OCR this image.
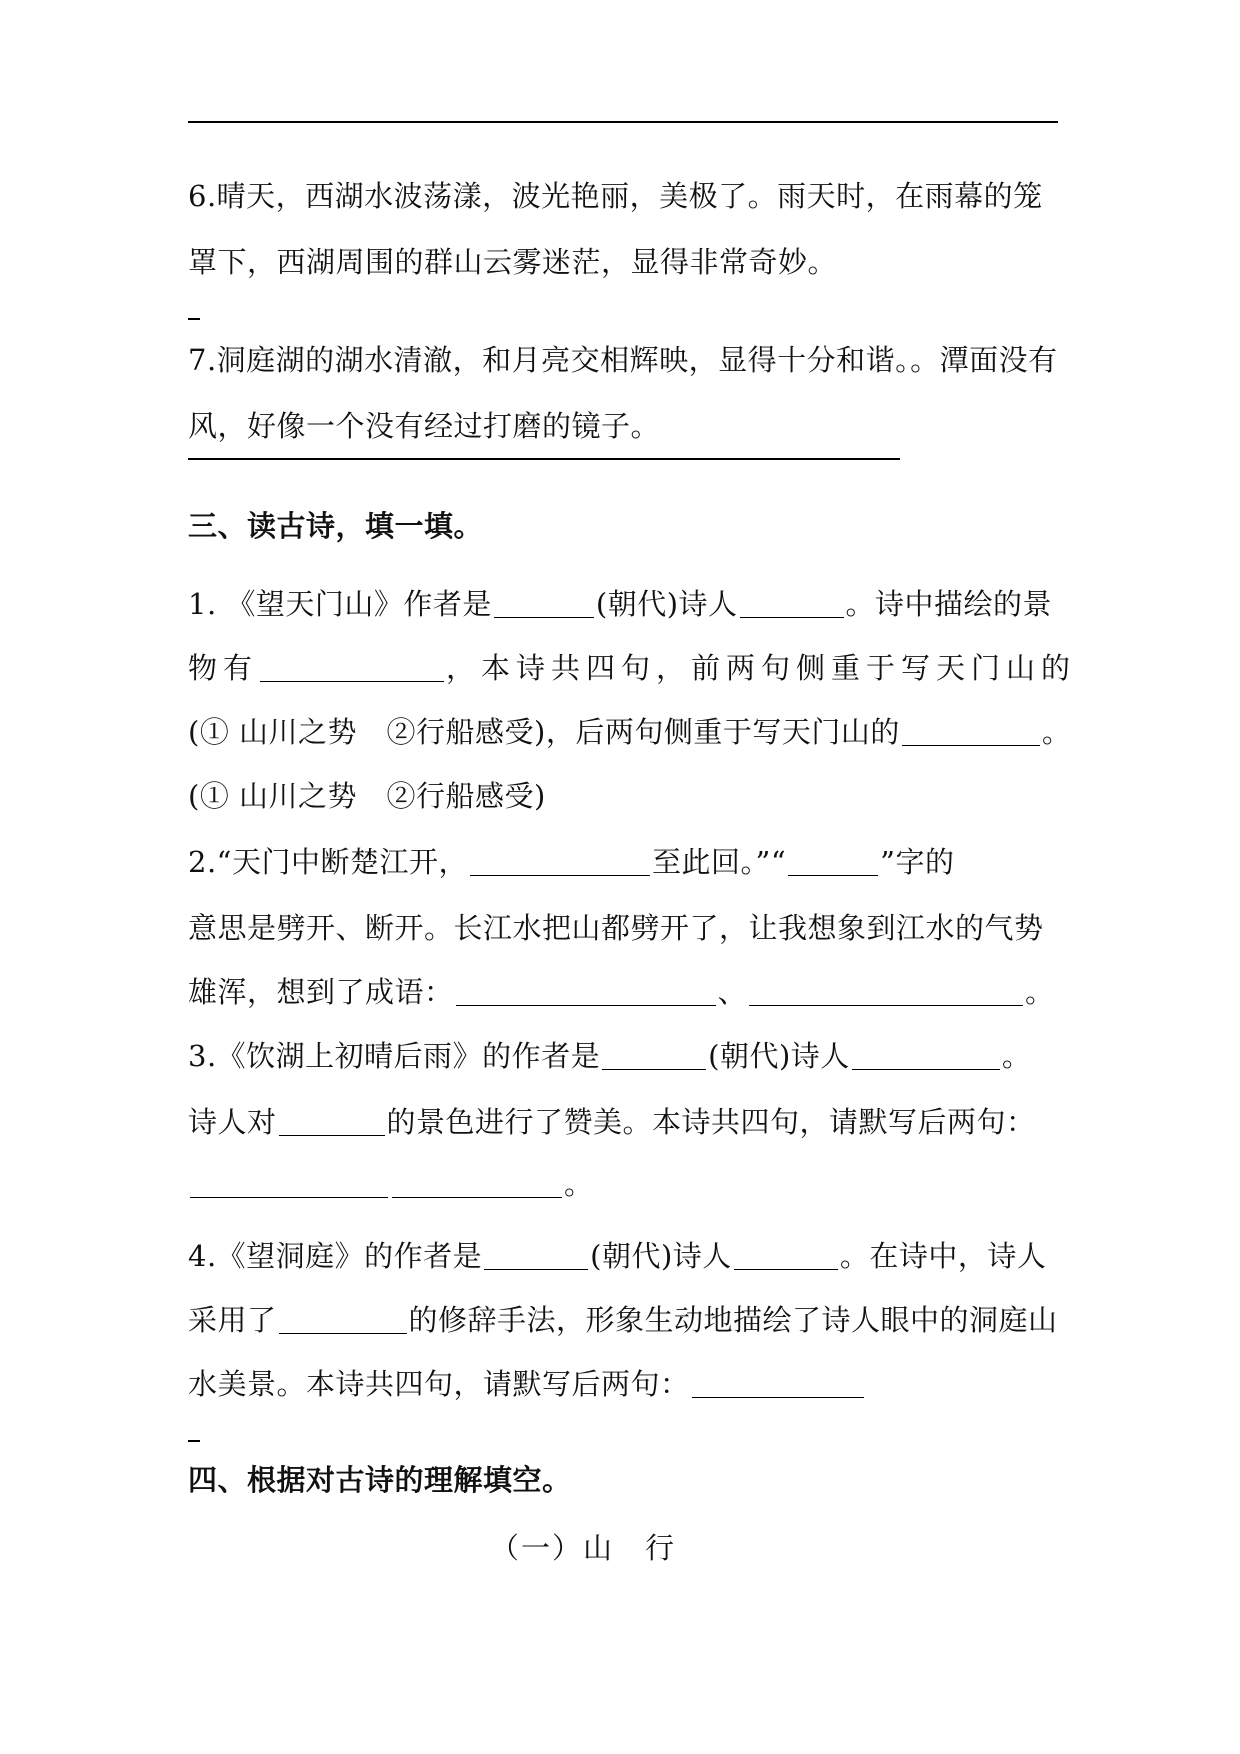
6.晴天，西湖水波荡漾，波光艳丽，美极了。雨天时，在雨幕的笼
罩下，西湖周围的群山云雾迷茫，显得非常奇妙。
7.洞庭湖的湖水清澈，和月亮交相辉映，显得十分和谐。。潭面没有
风，好像一个没有经过打磨的镜子。
三、读古诗，填一填。
1. 《望天门山》作者是	(朝代)诗人	。诗中描绘的景
物有	，本诗共四句，前两句侧重于写天门山的
(① 山川之势　②行船感受)，后两句侧重于写天门山的	。
(① 山川之势　②行船感受)
2.“天门中断楚江开，	至此回。”“	”字的
意思是劈开、断开。长江水把山都劈开了，让我想象到江水的气势
雄浑，想到了成语：	、	。
3.《饮湖上初晴后雨》的作者是	(朝代)诗人	。
诗人对	的景色进行了赞美。本诗共四句，请默写后两句：
。
4.《望洞庭》的作者是	(朝代)诗人	。在诗中，诗人
采用了	的修辞手法，形象生动地描绘了诗人眼中的洞庭山
水美景。本诗共四句，请默写后两句：
四、根据对古诗的理解填空。
（一）山　行
